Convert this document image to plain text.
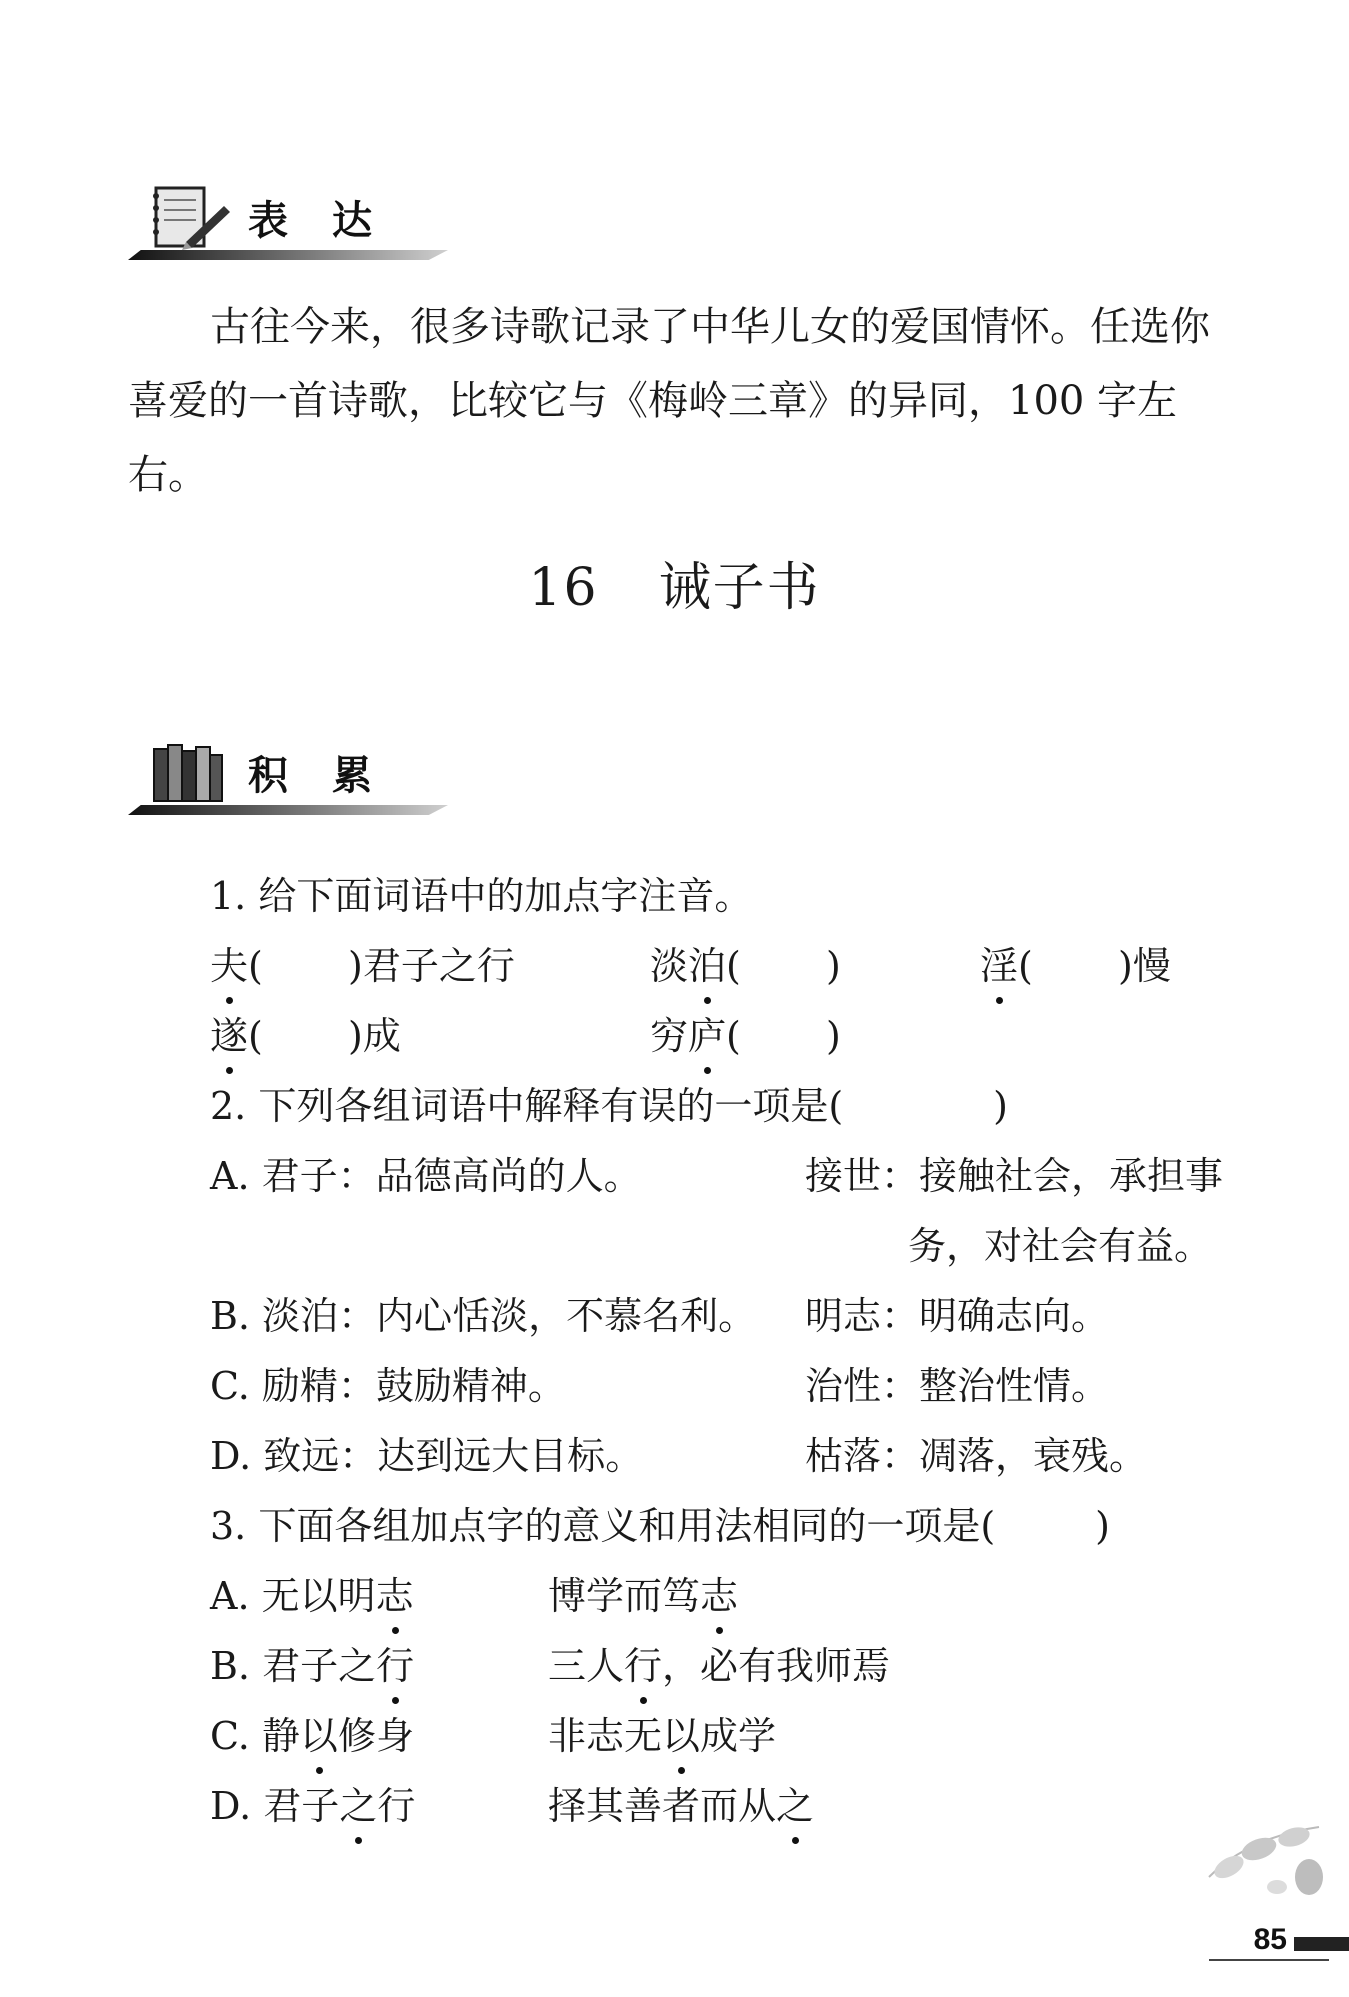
表达
古往今来，很多诗歌记录了中华儿女的爱国情怀。任选你
喜爱的一首诗歌，比较它与《梅岭三章》的异同，100 字左右。
16 诫子书
积累
1. 给下面词语中的加点字注音。
夫( )君子之行	淡泊( )	淫( )慢
遂( )成	穷庐( )
2. 下列各组词语中解释有误的一项是(	)
A. 君子：品德高尚的人。	接世：接触社会，承担事
务，对社会有益。
B. 淡泊：内心恬淡，不慕名利。 明志：明确志向。
C. 励精：鼓励精神。	治性：整治性情。
D. 致远：达到远大目标。	枯落：凋落，衰残。
3. 下面各组加点字的意义和用法相同的一项是(	)
A. 无以明志	博学而笃志
B. 君子之行	三人行，必有我师焉
C. 静以修身	非志无以成学
D. 君子之行	择其善者而从之
85
